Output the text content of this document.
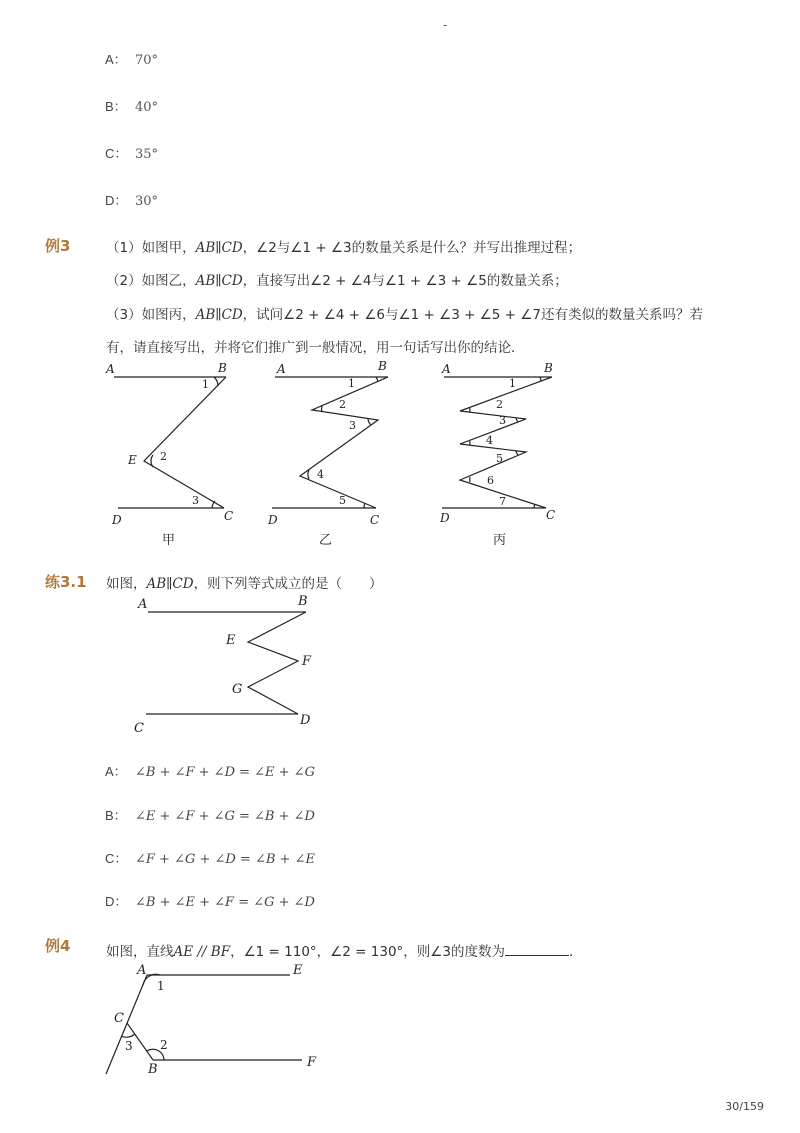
-
A： 70°
B： 40°
C： 35°
D： 30°
例3	（1）如图甲，AB∥CD，∠2与∠1 + ∠3的数量关系是什么？并写出推理过程；
（2）如图乙，AB∥CD，直接写出∠2 + ∠4与∠1 + ∠3 + ∠5的数量关系；
（3）如图丙，AB∥CD，试问∠2 + ∠4 + ∠6与∠1 + ∠3 + ∠5 + ∠7还有类似的数量关系吗？若
有，请直接写出，并将它们推广到一般情况，用一句话写出你的结论．
A	B
E
D	C
A	B
D	C
A	B
D	C
1
2
3
1
2
3
4
5
1
2
3
4
5
6
7
甲	乙	丙
练3.1 如图，AB∥CD，则下列等式成立的是（　　）
A	B
E
F
G
C
D
A： ∠B + ∠F + ∠D = ∠E + ∠G
B： ∠E + ∠F + ∠G = ∠B + ∠D
C： ∠F + ∠G + ∠D = ∠B + ∠E
D： ∠B + ∠E + ∠F = ∠G + ∠D
例4	如图，直线AE // BF，∠1 = 110°，∠2 = 130°，则∠3的度数为	．
A	E
C
B	F
1
2
3
30/159
